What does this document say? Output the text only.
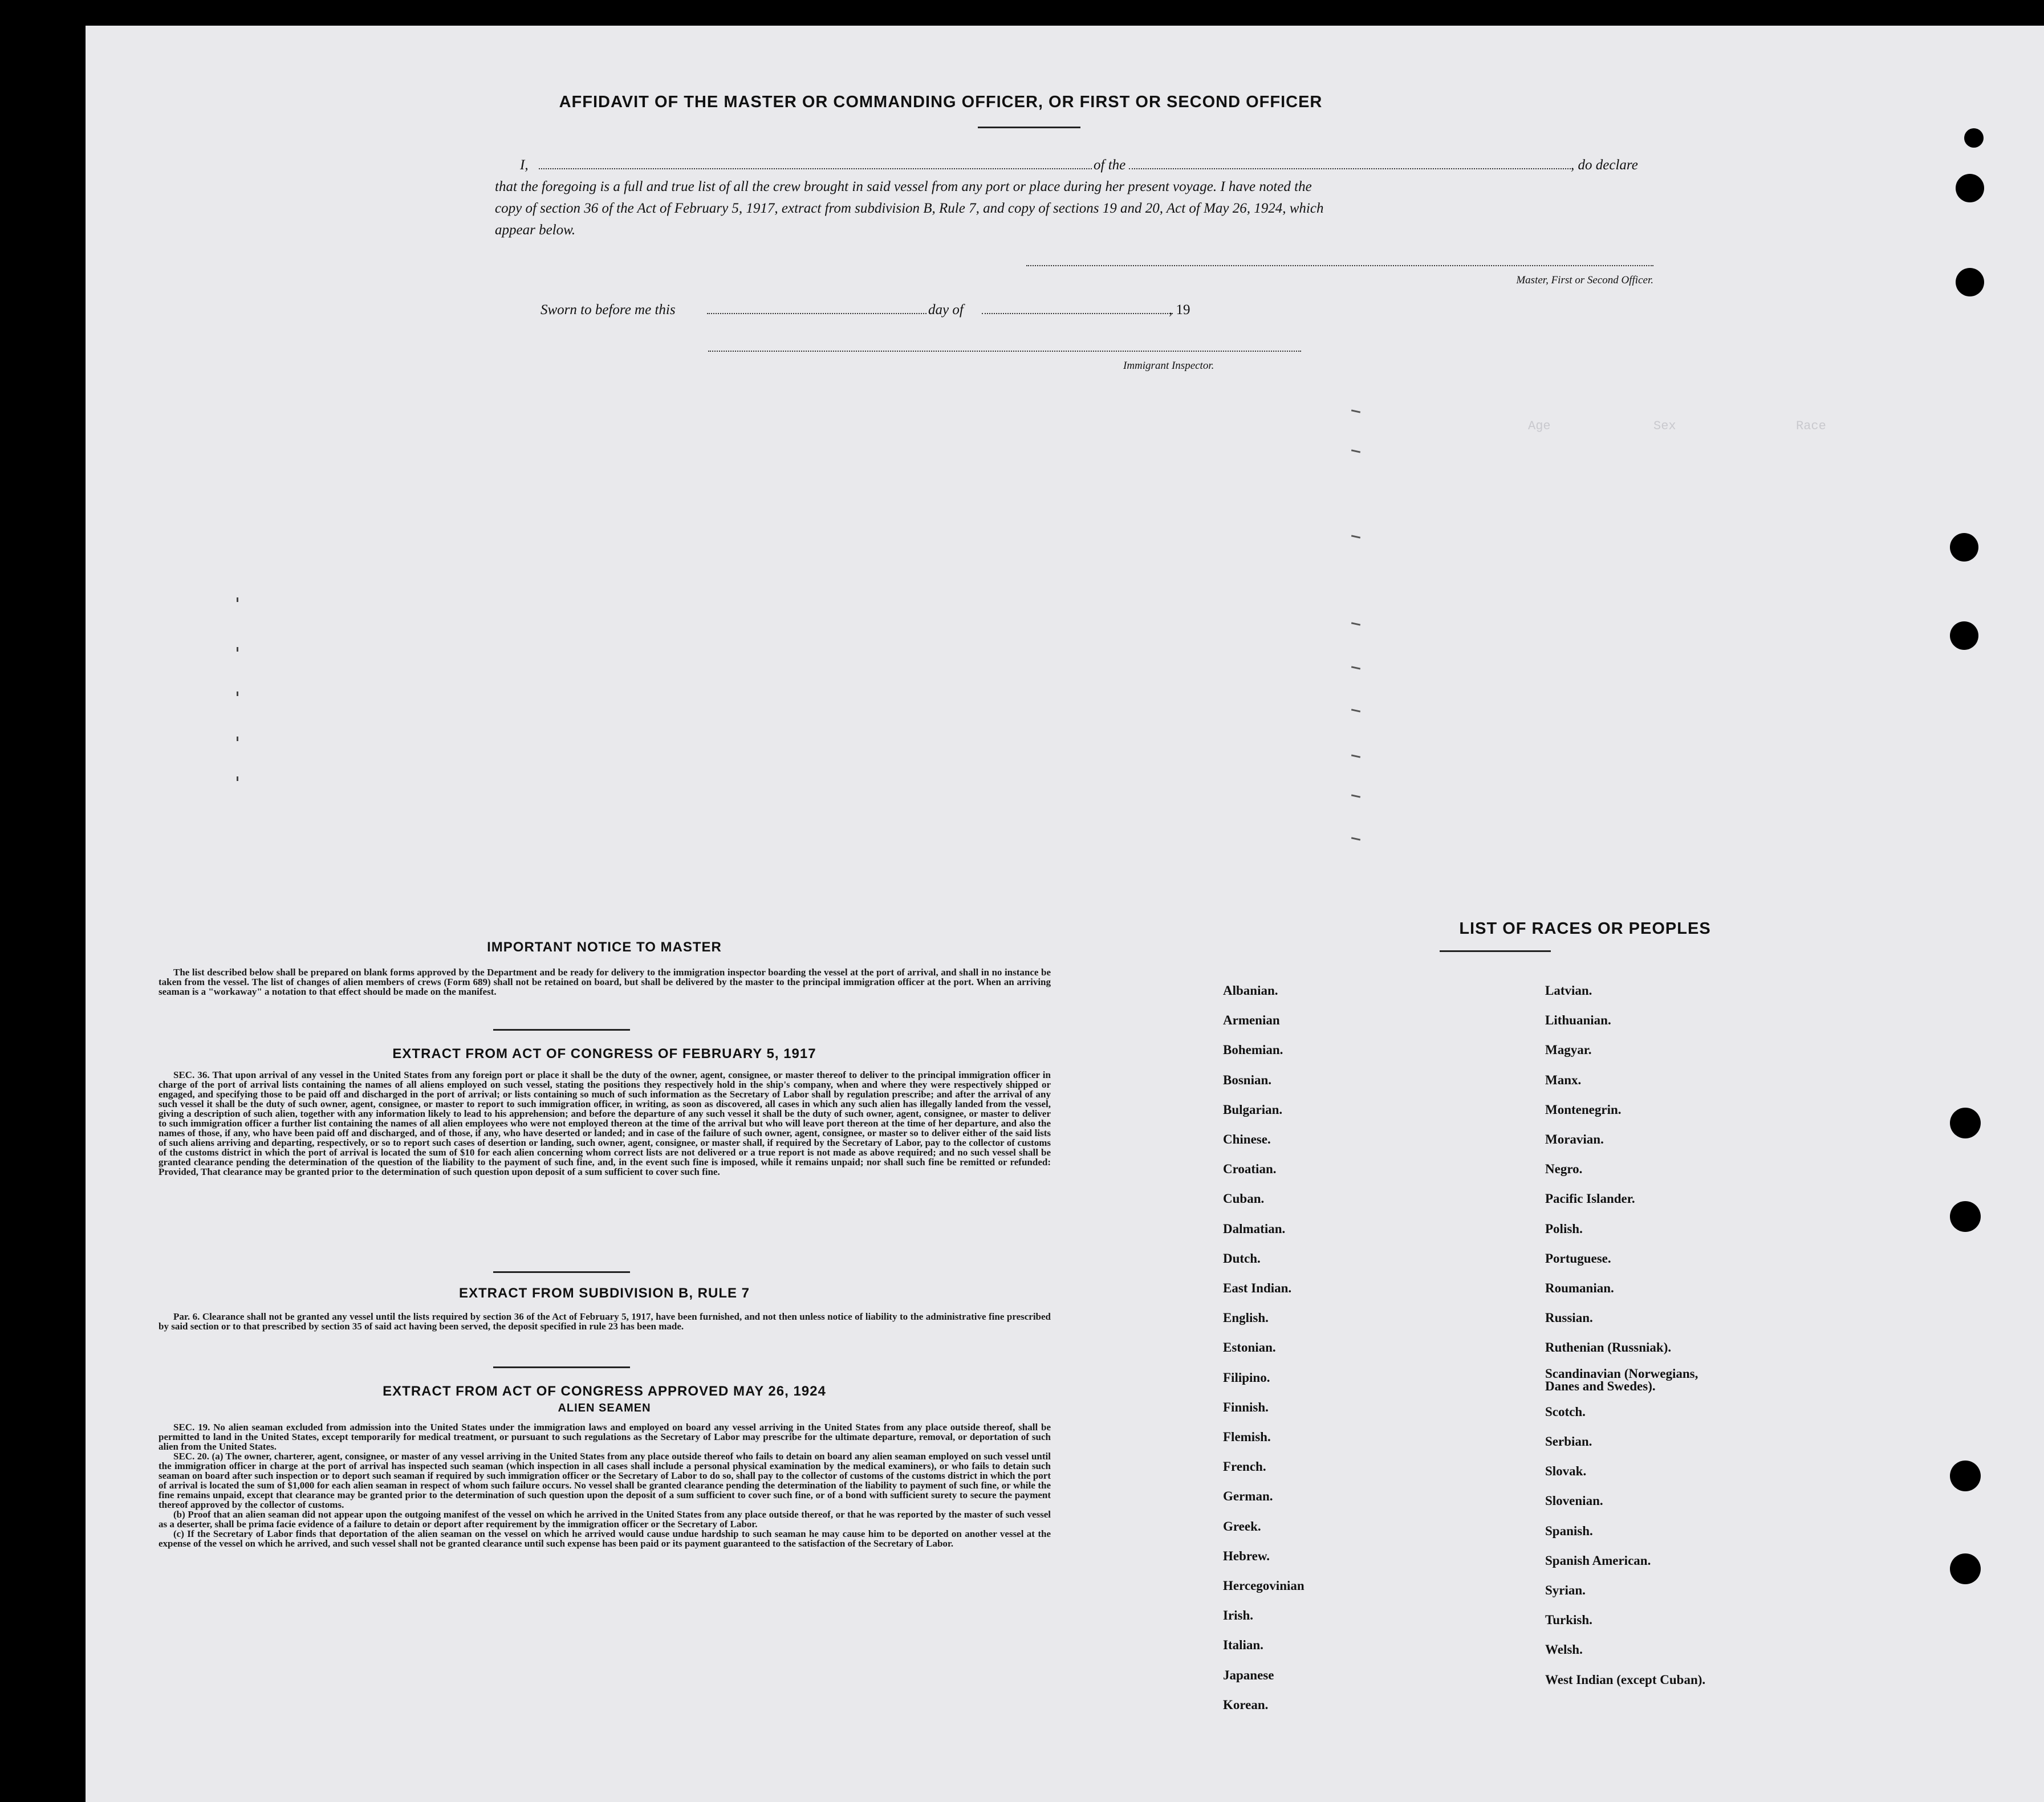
AFFIDAVIT OF THE MASTER OR COMMANDING OFFICER, OR FIRST OR SECOND OFFICER
I,	of the	, do declare
that the foregoing is a full and true list of all the crew brought in said vessel from any port or place during her present voyage. I have noted the
copy of section 36 of the Act of February 5, 1917, extract from subdivision B, Rule 7, and copy of sections 19 and 20, Act of May 26, 1924, which
appear below.
Master, First or Second Officer.
Sworn to before me this	day of	, 19
Immigrant Inspector.
Age	Sex	Race
IMPORTANT NOTICE TO MASTER

The list described below shall be prepared on blank forms approved by the Department and be ready for delivery to the immigration inspector boarding the vessel at the port of arrival, and shall in no instance be taken from the vessel. The list of changes of alien members of crews (Form 689) shall not be retained on board, but shall be delivered by the master to the principal immigration officer at the port. When an arriving seaman is a "workaway" a notation to that effect should be made on the manifest.

EXTRACT FROM ACT OF CONGRESS OF FEBRUARY 5, 1917

SEC. 36. That upon arrival of any vessel in the United States from any foreign port or place it shall be the duty of the owner, agent, consignee, or master thereof to deliver to the principal immigration officer in charge of the port of arrival lists containing the names of all aliens employed on such vessel, stating the positions they respectively hold in the ship's company, when and where they were respectively shipped or engaged, and specifying those to be paid off and discharged in the port of arrival; or lists containing so much of such information as the Secretary of Labor shall by regulation prescribe; and after the arrival of any such vessel it shall be the duty of such owner, agent, consignee, or master to report to such immigration officer, in writing, as soon as discovered, all cases in which any such alien has illegally landed from the vessel, giving a description of such alien, together with any information likely to lead to his apprehension; and before the departure of any such vessel it shall be the duty of such owner, agent, consignee, or master to deliver to such immigration officer a further list containing the names of all alien employees who were not employed thereon at the time of the arrival but who will leave port thereon at the time of her departure, and also the names of those, if any, who have been paid off and discharged, and of those, if any, who have deserted or landed; and in case of the failure of such owner, agent, consignee, or master so to deliver either of the said lists of such aliens arriving and departing, respectively, or so to report such cases of desertion or landing, such owner, agent, consignee, or master shall, if required by the Secretary of Labor, pay to the collector of customs of the customs district in which the port of arrival is located the sum of $10 for each alien concerning whom correct lists are not delivered or a true report is not made as above required; and no such vessel shall be granted clearance pending the determination of the question of the liability to the payment of such fine, and, in the event such fine is imposed, while it remains unpaid; nor shall such fine be remitted or refunded: Provided, That clearance may be granted prior to the determination of such question upon deposit of a sum sufficient to cover such fine.

EXTRACT FROM SUBDIVISION B, RULE 7

Par. 6. Clearance shall not be granted any vessel until the lists required by section 36 of the Act of February 5, 1917, have been furnished, and not then unless notice of liability to the administrative fine prescribed by said section or to that prescribed by section 35 of said act having been served, the deposit specified in rule 23 has been made.

EXTRACT FROM ACT OF CONGRESS APPROVED MAY 26, 1924
ALIEN SEAMEN

SEC. 19. No alien seaman excluded from admission into the United States under the immigration laws and employed on board any vessel arriving in the United States from any place outside thereof, shall be permitted to land in the United States, except temporarily for medical treatment, or pursuant to such regulations as the Secretary of Labor may prescribe for the ultimate departure, removal, or deportation of such alien from the United States.

SEC. 20. (a) The owner, charterer, agent, consignee, or master of any vessel arriving in the United States from any place outside thereof who fails to detain on board any alien seaman employed on such vessel until the immigration officer in charge at the port of arrival has inspected such seaman (which inspection in all cases shall include a personal physical examination by the medical examiners), or who fails to detain such seaman on board after such inspection or to deport such seaman if required by such immigration officer or the Secretary of Labor to do so, shall pay to the collector of customs of the customs district in which the port of arrival is located the sum of $1,000 for each alien seaman in respect of whom such failure occurs. No vessel shall be granted clearance pending the determination of the liability to payment of such fine, or while the fine remains unpaid, except that clearance may be granted prior to the determination of such question upon the deposit of a sum sufficient to cover such fine, or of a bond with sufficient surety to secure the payment thereof approved by the collector of customs.

(b) Proof that an alien seaman did not appear upon the outgoing manifest of the vessel on which he arrived in the United States from any place outside thereof, or that he was reported by the master of such vessel as a deserter, shall be prima facie evidence of a failure to detain or deport after requirement by the immigration officer or the Secretary of Labor.

(c) If the Secretary of Labor finds that deportation of the alien seaman on the vessel on which he arrived would cause undue hardship to such seaman he may cause him to be deported on another vessel at the expense of the vessel on which he arrived, and such vessel shall not be granted clearance until such expense has been paid or its payment guaranteed to the satisfaction of the Secretary of Labor.

LIST OF RACES OR PEOPLES
Albanian.
Armenian
Bohemian.
Bosnian.
Bulgarian.
Chinese.
Croatian.
Cuban.
Dalmatian.
Dutch.
East Indian.
English.
Estonian.
Filipino.
Finnish.
Flemish.
French.
German.
Greek.
Hebrew.
Hercegovinian
Irish.
Italian.
Japanese
Korean.
Latvian.
Lithuanian.
Magyar.
Manx.
Montenegrin.
Moravian.
Negro.
Pacific Islander.
Polish.
Portuguese.
Roumanian.
Russian.
Ruthenian (Russniak).
Scandinavian (Norwegians, Danes and Swedes).
Scotch.
Serbian.
Slovak.
Slovenian.
Spanish.
Spanish American.
Syrian.
Turkish.
Welsh.
West Indian (except Cuban).
